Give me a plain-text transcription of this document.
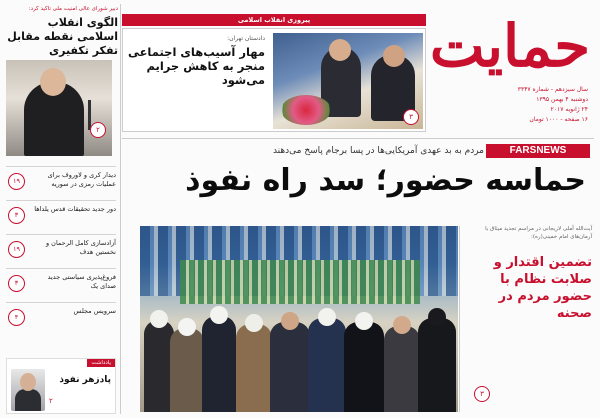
حمایت
سال سیزدهم - شماره ۳۳۴۷
دوشنبه ۴ بهمن ۱۳۹۵
۲۴ ژانویه ۲۰۱۷
۱۶ صفحه - ۱۰۰۰ تومان
پیروزی انقلاب اسلامی
دادستان تهران:
مهار آسیب‌های اجتماعی منجر به کاهش جرایم می‌شود
۳
دبیر شورای عالی امنیت ملی تاکید کرد:
الگوی انقلاب اسلامی نقطه مقابل تفکر تکفیری
۲
دیدار کری و لاوروف برای عملیات رمزی در سوریه
۱۹
دور جدید تحقیقات قدس یلداها
۳
آزادسازی کامل الرحمان و نخستین هدف
۱۹
فروغ‌پذیری سیاستی جدید صدای یک
۳
سرویس مجلس
۴
یادداشت
پادزهر نفوذ
۲
FARSNEWS
مردم به بد عهدی آمریکایی‌ها در پسا برجام پاسخ می‌دهند
حماسه حضور؛ سد راه نفوذ
آیت‌الله آملی لاریجانی در مراسم تجدید میثاق با آرمان‌های امام خمینی(ره):
تضمین اقتدار و صلابت نظام با حضور مردم در صحنه
۳
